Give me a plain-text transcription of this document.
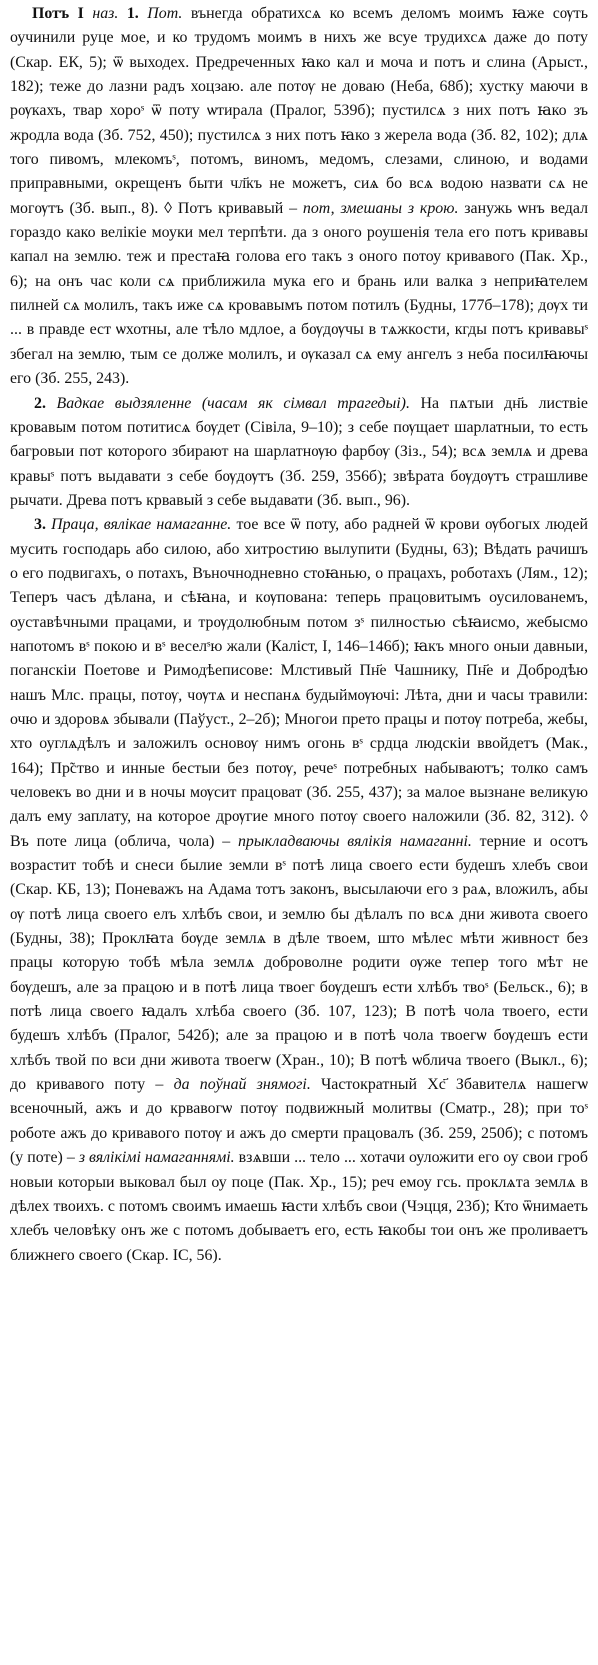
Потъ I наз. 1. Пот. вънегда обратихсѧ ко всемъ деломъ моимъ ꙗже сѹть оучинили руце мое, и ко трудомъ моимъ в нихъ же всуе трудихсѧ даже до поту (Скар. ЕК, 5); ѿ выходех. Предреченных ꙗко кал и моча и потъ и слина (Арыст., 182); теже до лазни радъ хоцзаю. але потѹ не доваю (Неба, 68б); хустку маючи в рѹкахъ, твар хороˢ ѿ поту ѡтирала (Пралог, 539б); пустилсѧ з них потъ ꙗко зъ жродла вода (Зб. 752, 450); пустилсѧ з них потъ ꙗко з жерела вода (Зб. 82, 102); длѧ того пивомъ, млекомъˢ, потомъ, виномъ, медомъ, слезами, слиною, и водами приправными, окрещенъ быти чл҃къ не можетъ, сиѧ бо всѧ водою назвати сѧ не могѹтъ (Зб. вып., 8). ◊ Потъ кривавый – пот, змешаны з крою. занужь ѡнъ ведал гораздо како велікіе моуки мел терпѣти. да з оного роушенія тела его потъ кривавы капал на землю. теж и престаꙗ голова его такъ з оного потоу кривавого (Пак. Хр., 6); на онъ час коли сѧ приближила мука его и брань или валка з неприꙗтелем пилней сѧ молилъ, такъ иже сѧ кровавымъ потом потилъ (Будны, 177б–178); дѹх ти ... в правде ест ѡхотны, але тѣло мдлое, а бѹдѹчы в тѧжкости, кгды потъ кривавыˢ збегал на землю, тым се долже молилъ, и ѹказал сѧ ему ангелъ з неба посилꙗючы его (Зб. 255, 243).

2. Вадкае выдзяленне (часам як сімвал трагедыі). На пѧтыи дн҃ь листвіе кровавым потом потитисѧ бѹдет (Сівіла, 9–10); з себе пѹщает шарлатныи, то есть багровыи пот которого збирают на шарлатнѹю фарбѹ (Зіз., 54); всѧ землѧ и древа кравыˢ потъ выдавати з себе бѹдѹтъ (Зб. 259, 356б); звѣрата бѹдѹтъ страшливе рычати. Древа потъ крвавый з себе выдавати (Зб. вып., 96).

3. Праца, вялікае намаганне. тое все ѿ поту, або радней ѿ крови ѹбогых людей мусить господарь або силою, або хитростию вылупити (Будны, 63); Вѣдать рачишъ о его подвигахъ, о потахъ, Въночнодневно стоꙗнью, о працахъ, роботахъ (Лям., 12); Теперъ часъ дѣлана, и сѣꙗна, и кѹпована: теперь працовитымъ оусилованемъ, оуставѣчными працами, и трѹдолюбным потом зˢ пилностью сѣꙗисмо, жебысмо напотомъ вˢ покою и вˢ веселˢю жали (Каліст, I, 146–146б); ꙗкъ много оныи давныи, поганскіи Поетове и Римодѣеписове: Млстивый Пн҃е Чашнику, Пн҃е и Добродѣю нашъ Млс. працы, потѹ, чѹтѧ и неспанѧ будыймѹючі: Лѣта, дни и часы травили: очю и здоровѧ збывали (Паўуст., 2–2б); Многои прето працы и потѹ потреба, жебы, хто оуглѧдѣлъ и заложилъ основѹ нимъ огонь вˢ срдца людскіи ввойдетъ (Мак., 164); Пр̃ство и инные бестыи без потѹ, речеˢ потребных набываютъ; толко самъ человекъ во дни и в ночы мѹсит працоват (Зб. 255, 437); за малое вызнане великую далъ ему заплату, на которое дрѹгие много потѹ своего наложили (Зб. 82, 312). ◊ Въ поте лица (облича, чола) – прыкладваючы вялікія намаганні. терние и осотъ возрастит тобѣ и снеси былие земли вˢ потѣ лица своего ести будешъ хлебъ свои (Скар. КБ, 13); Поневажъ на Адама тотъ законъ, высылаючи его з раѧ, вложилъ, абы ѹ потѣ лица своего елъ хлѣбъ свои, и землю бы дѣлалъ по всѧ дни живота своего (Будны, 38); Проклꙗта бѹде землѧ в дѣле твоем, што мѣлес мѣти живност без працы которую тобѣ мѣла землѧ доброволне родити ѹже тепер того мѣт не бѹдешъ, але за працою и в потѣ лица твоег бѹдешъ ести хлѣбъ твоˢ (Бельск., 6); в потѣ лица своего ꙗдалъ хлѣба своего (Зб. 107, 123); В потѣ чола твоего, ести будешъ хлѣбъ (Пралог, 542б); але за працою и в потѣ чола твоегѡ бѹдешъ ести хлѣбъ твой по вси дни живота твоегѡ (Хран., 10); В потѣ ѡблича твоего (Выкл., 6); до кривавого поту – да поўнай знямогі. Частократный Хс҃ Збавителѧ нашегѡ всеночный, ажъ и до крвавогѡ потѹ подвижный молитвы (Сматр., 28); при тоˢ роботе ажъ до кривавого потѹ и ажъ до смерти працовалъ (Зб. 259, 250б); с потомъ (у поте) – з вялікімі намаганнямі. взѧвши ... тело ... хотачи оуложити его оу свои гроб новыи которыи выковал был оу поце (Пак. Хр., 15); реч емоу гсь. проклѧта землѧ в дѣлех твоихъ. с потомъ своимъ имаешь ꙗсти хлѣбъ свои (Чэцця, 23б); Кто ѿнимаеть хлебъ человѣку онъ же с потомъ добываетъ его, есть ꙗкобы тои онъ же проливаетъ ближнего своего (Скар. IC, 56).
